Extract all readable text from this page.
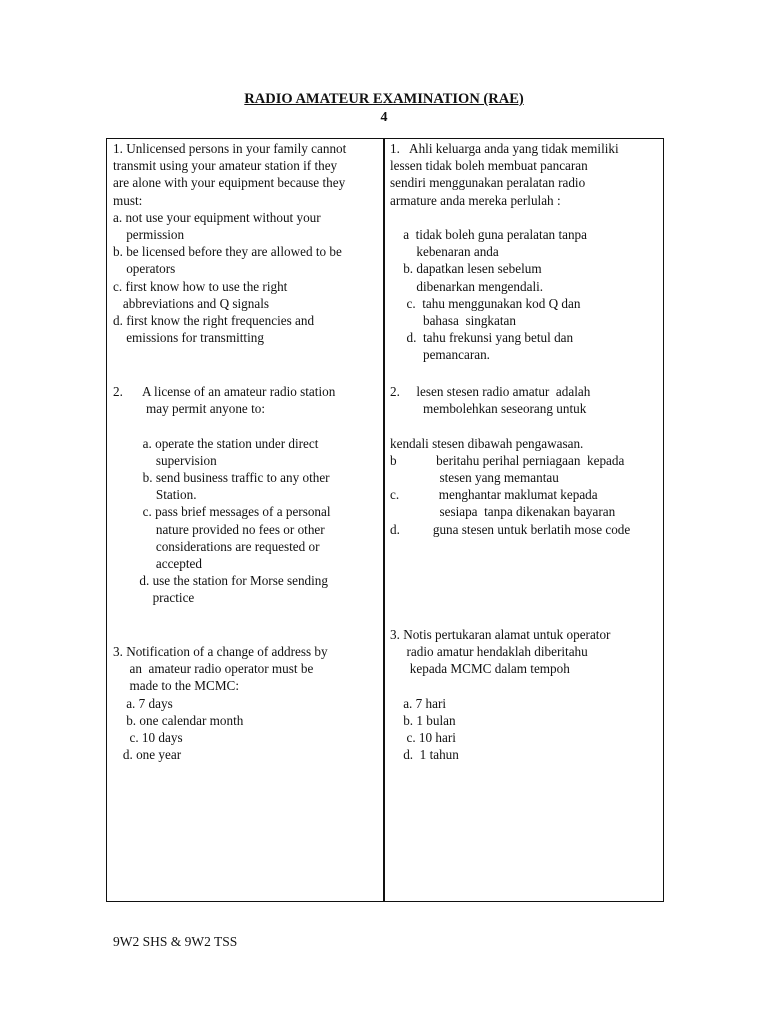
RADIO AMATEUR EXAMINATION (RAE)
4
1. Unlicensed persons in your family cannot
transmit using your amateur station if they
are alone with your equipment because they
must:
a. not use your equipment without your
permission
b. be licensed before they are allowed to be
operators
c. first know how to use the right
abbreviations and Q signals
d. first know the right frequencies and
emissions for transmitting
2.      A license of an amateur radio station
may permit anyone to:

a. operate the station under direct
supervision
b. send business traffic to any other
Station.
c. pass brief messages of a personal
nature provided no fees or other
considerations are requested or
accepted
d. use the station for Morse sending
practice
3. Notification of a change of address by
an  amateur radio operator must be
made to the MCMC:
a. 7 days
b. one calendar month
c. 10 days
d. one year
1.   Ahli keluarga anda yang tidak memiliki
lessen tidak boleh membuat pancaran
sendiri menggunakan peralatan radio
armature anda mereka perlulah :

a  tidak boleh guna peralatan tanpa
kebenaran anda
b. dapatkan lesen sebelum
dibenarkan mengendali.
c.  tahu menggunakan kod Q dan
bahasa  singkatan
d.  tahu frekunsi yang betul dan
pemancaran.
2.     lesen stesen radio amatur  adalah
membolehkan seseorang untuk

kendali stesen dibawah pengawasan.
b            beritahu perihal perniagaan  kepada
stesen yang memantau
c.            menghantar maklumat kepada
sesiapa  tanpa dikenakan bayaran
d.          guna stesen untuk berlatih mose code
3. Notis pertukaran alamat untuk operator
radio amatur hendaklah diberitahu
kepada MCMC dalam tempoh

a. 7 hari
b. 1 bulan
c. 10 hari
d.  1 tahun
9W2 SHS & 9W2 TSS
